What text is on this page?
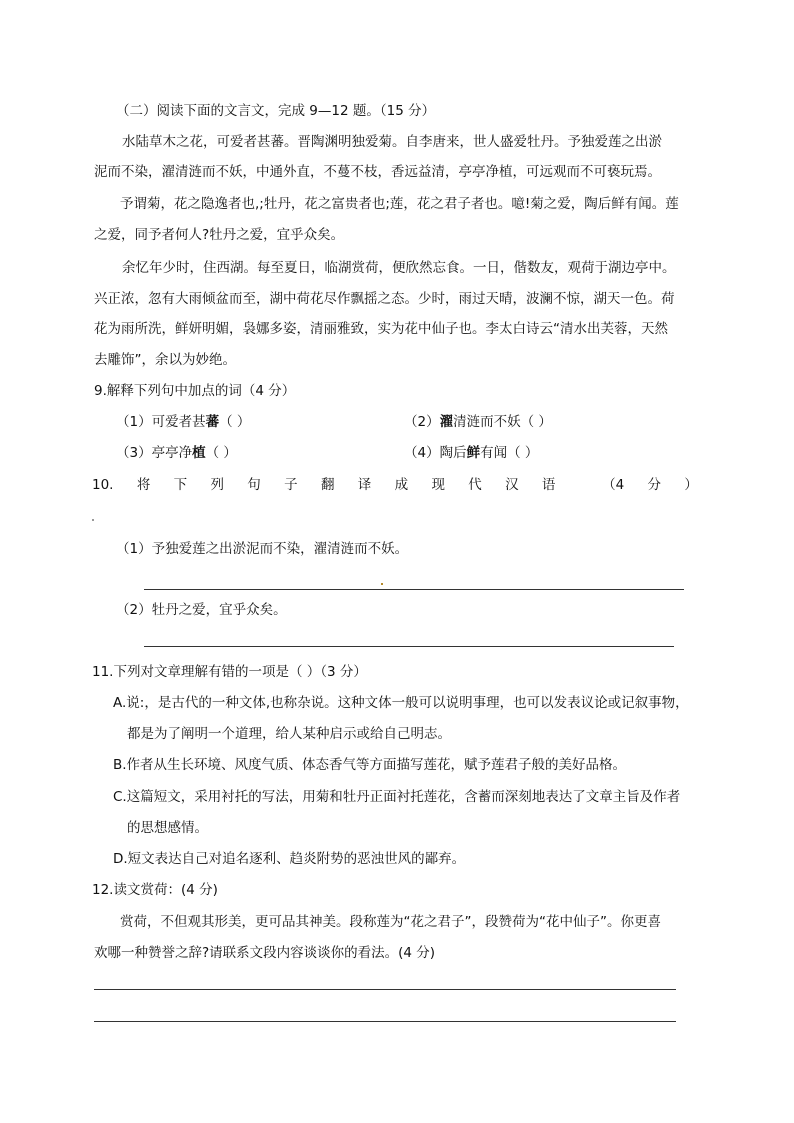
（二）阅读下面的文言文，完成 9—12 题。（15 分）
水陆草木之花，可爱者甚蕃。晋陶渊明独爱菊。自李唐来，世人盛爱牡丹。予独爱莲之出淤
泥而不染，濯清涟而不妖，中通外直，不蔓不枝，香远益清，亭亭净植，可远观而不可亵玩焉。
予谓菊，花之隐逸者也,;牡丹，花之富贵者也;莲，花之君子者也。噫!菊之爱，陶后鲜有闻。莲
之爱，同予者何人?牡丹之爱，宜乎众矣。
余忆年少时，住西湖。每至夏日，临湖赏荷，便欣然忘食。一日，偕数友，观荷于湖边亭中。
兴正浓，忽有大雨倾盆而至，湖中荷花尽作飘摇之态。少时，雨过天晴，波澜不惊，湖天一色。荷
花为雨所洗，鲜妍明媚，袅娜多姿，清丽雅致，实为花中仙子也。李太白诗云“清水出芙蓉，天然
去雕饰”，余以为妙绝。
9.解释下列句中加点的词（4 分）
（1）可爱者甚蕃（ ）	（2）濯清涟而不妖（ ）
（3）亭亭净植（ ）	（4）陶后鲜有闻（ ）
10. 将 下 列 句 子 翻 译 成 现 代 汉 语	（4 分 ）
（1）予独爱莲之出淤泥而不染，濯清涟而不妖。
（2）牡丹之爱，宜乎众矣。
11.下列对文章理解有错的一项是（ ）（3 分）
A.说:，是古代的一种文体,也称杂说。这种文体一般可以说明事理，也可以发表议论或记叙事物，
都是为了阐明一个道理，给人某种启示或给自己明志。
B.作者从生长环境、风度气质、体态香气等方面描写莲花，赋予莲君子般的美好品格。
C.这篇短文，采用衬托的写法，用菊和牡丹正面衬托莲花，含蓄而深刻地表达了文章主旨及作者
的思想感情。
D.短文表达自己对追名逐利、趋炎附势的恶浊世风的鄙弃。
12.读文赏荷：(4 分)
赏荷，不但观其形美，更可品其神美。段称莲为“花之君子”，段赞荷为“花中仙子”。你更喜
欢哪一种赞誉之辞?请联系文段内容谈谈你的看法。(4 分)
